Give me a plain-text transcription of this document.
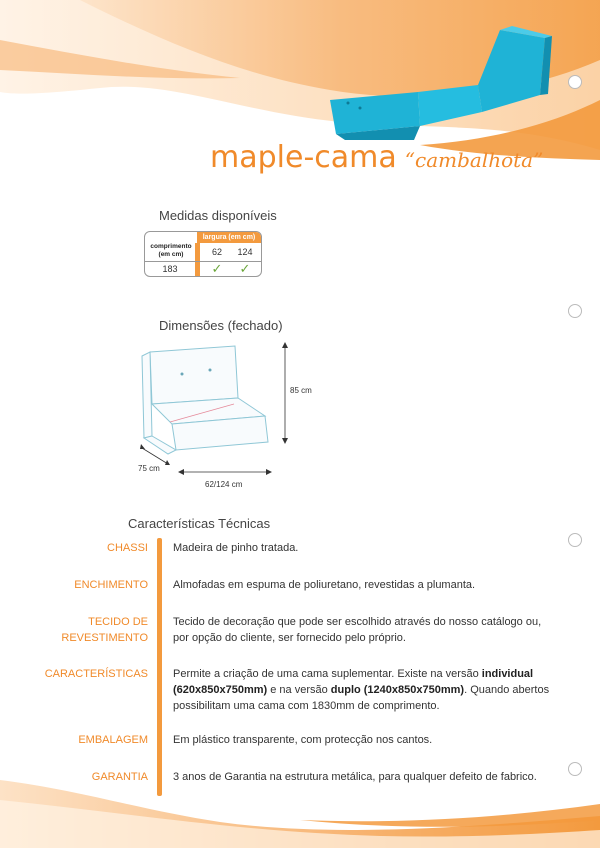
maple-cama “cambalhota”
Medidas disponíveis
largura (em cm)
comprimento
(em cm)	62	124
183	✓	✓
Dimensões (fechado)
85 cm
75 cm
62/124 cm
Características Técnicas
CHASSI Madeira de pinho tratada.
ENCHIMENTO Almofadas em espuma de poliuretano, revestidas a plumanta.
TECIDO DE
REVESTIMENTO
Tecido de decoração que pode ser escolhido através do nosso catálogo ou, por opção do cliente, ser fornecido pelo próprio.
CARACTERÍSTICAS Permite a criação de uma cama suplementar. Existe na versão individual (620x850x750mm) e na versão duplo (1240x850x750mm). Quando abertos possibilitam uma cama com 1830mm de comprimento.
EMBALAGEM Em plástico transparente, com protecção nos cantos.
GARANTIA 3 anos de Garantia na estrutura metálica, para qualquer defeito de fabrico.
